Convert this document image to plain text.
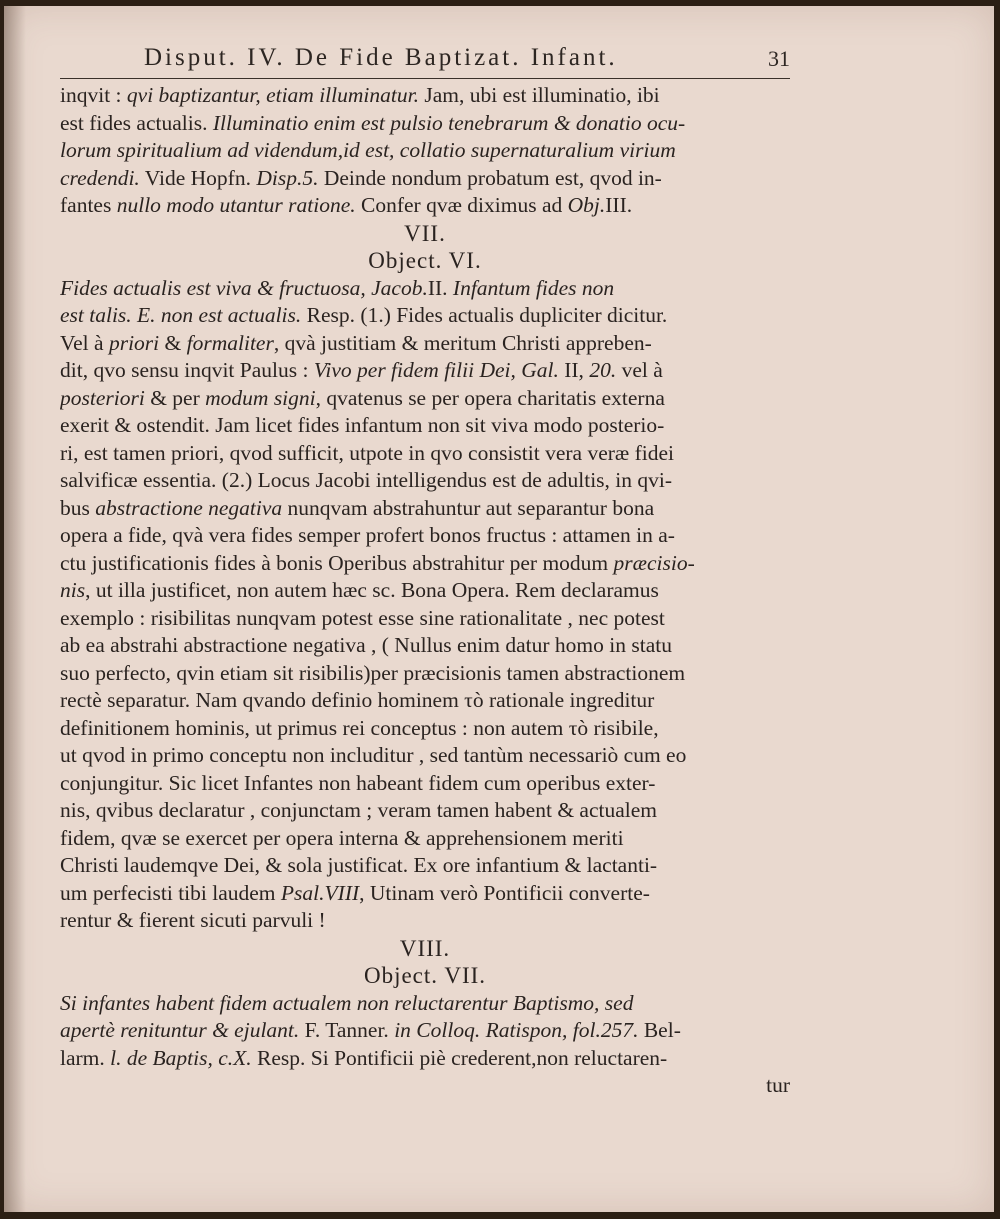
Disput. IV. De Fide Baptizat. Infant.	31
inqvit : qvi baptizantur, etiam illuminatur. Jam, ubi est illuminatio, ibi
est fides actualis. Illuminatio enim est pulsio tenebrarum & donatio ocu-
lorum spiritualium ad videndum,id est, collatio supernaturalium virium
credendi. Vide Hopfn. Disp.5. Deinde nondum probatum est, qvod in-
fantes nullo modo utantur ratione. Confer qvæ diximus ad Obj.III.
VII.
Object. VI.
Fides actualis est viva & fructuosa, Jacob.II. Infantum fides non
est talis. E. non est actualis. Resp. (1.) Fides actualis dupliciter dicitur.
Vel à priori & formaliter, qvà justitiam & meritum Christi appreben-
dit, qvo sensu inqvit Paulus : Vivo per fidem filii Dei, Gal. II, 20. vel à
posteriori & per modum signi, qvatenus se per opera charitatis externa
exerit & ostendit. Jam licet fides infantum non sit viva modo posterio-
ri, est tamen priori, qvod sufficit, utpote in qvo consistit vera veræ fidei
salvificæ essentia. (2.) Locus Jacobi intelligendus est de adultis, in qvi-
bus abstractione negativa nunqvam abstrahuntur aut separantur bona
opera a fide, qvà vera fides semper profert bonos fructus : attamen in a-
ctu justificationis fides à bonis Operibus abstrahitur per modum præcisio-
nis, ut illa justificet, non autem hæc sc. Bona Opera. Rem declaramus
exemplo : risibilitas nunqvam potest esse sine rationalitate , nec potest
ab ea abstrahi abstractione negativa , ( Nullus enim datur homo in statu
suo perfecto, qvin etiam sit risibilis)per præcisionis tamen abstractionem
rectè separatur. Nam qvando definio hominem τò rationale ingreditur
definitionem hominis, ut primus rei conceptus : non autem τò risibile,
ut qvod in primo conceptu non includitur , sed tantùm necessariò cum eo
conjungitur. Sic licet Infantes non habeant fidem cum operibus exter-
nis, qvibus declaratur , conjunctam ; veram tamen habent & actualem
fidem, qvæ se exercet per opera interna & apprehensionem meriti
Christi laudemqve Dei, & sola justificat. Ex ore infantium & lactanti-
um perfecisti tibi laudem Psal.VIII, Utinam verò Pontificii converte-
rentur & fierent sicuti parvuli !
VIII.
Object. VII.
Si infantes habent fidem actualem non reluctarentur Baptismo, sed
apertè renituntur & ejulant. F. Tanner. in Colloq. Ratispon, fol.257. Bel-
larm. l. de Baptis, c.X. Resp. Si Pontificii piè crederent,non reluctaren-
tur
